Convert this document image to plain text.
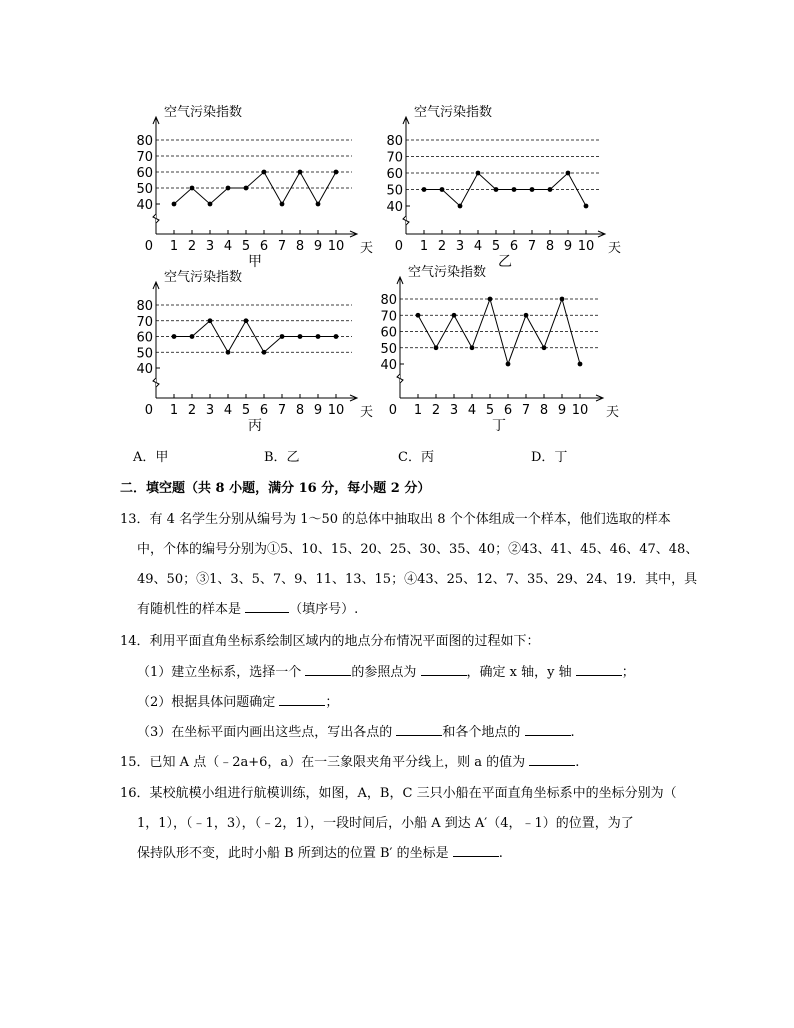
空气污染指数
40
50
60
70
80
0 1 2 3 4 5 6 7 8 9 10 天
甲
空气污染指数
40
50
60
70
80
0 1 2 3 4 5 6 7 8 9 10 天
乙
空气污染指数
40
50
60
70
80
0 1 2 3 4 5 6 7 8 9 10 天
丙
空气污染指数
40
50
60
70
80
0 1 2 3 4 5 6 7 8 9 10 天
丁
A．甲	B．乙	C．丙	D．丁
二．填空题（共 8 小题，满分 16 分，每小题 2 分）
13．有 4 名学生分别从编号为 1～50 的总体中抽取出 8 个个体组成一个样本，他们选取的样本
中，个体的编号分别为①5、10、15、20、25、30、35、40；②43、41、45、46、47、48、
49、50；③1、3、5、7、9、11、13、15；④43、25、12、7、35、29、24、19．其中，具
有随机性的样本是	（填序号）.
14．利用平面直角坐标系绘制区域内的地点分布情况平面图的过程如下：
（1）建立坐标系，选择一个	的参照点为	，确定 x 轴，y 轴	；
（2）根据具体问题确定	；
（3）在坐标平面内画出这些点，写出各点的	和各个地点的	.
15．已知 A 点（﹣2a+6，a）在一三象限夹角平分线上，则 a 的值为	.
16．某校航模小组进行航模训练，如图，A，B，C 三只小船在平面直角坐标系中的坐标分别为（
1，1），（﹣1，3），（﹣2，1），一段时间后，小船 A 到达 A′（4，﹣1）的位置，为了
保持队形不变，此时小船 B 所到达的位置 B′ 的坐标是	.
